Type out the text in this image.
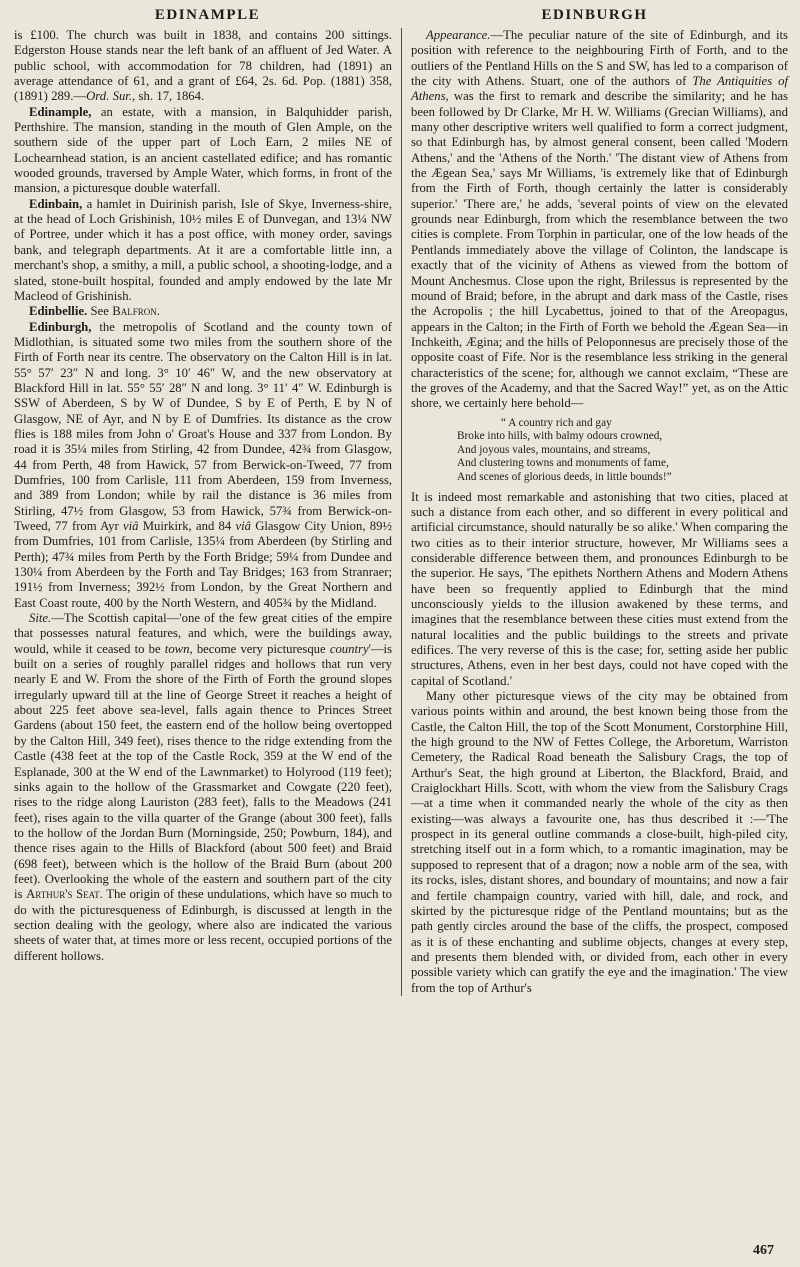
EDINAMPLE	EDINBURGH

is £100. The church was built in 1838, and contains 200 sittings. Edgerston House stands near the left bank of an affluent of Jed Water. A public school, with accommodation for 78 children, had (1891) an average attendance of 61, and a grant of £64, 2s. 6d. Pop. (1881) 358, (1891) 289.—Ord. Sur., sh. 17, 1864.

Edinample, an estate, with a mansion, in Balquhidder parish, Perthshire. The mansion, standing in the mouth of Glen Ample, on the southern side of the upper part of Loch Earn, 2 miles NE of Lochearnhead station, is an ancient castellated edifice; and has romantic wooded grounds, traversed by Ample Water, which forms, in front of the mansion, a picturesque double waterfall.

Edinbain, a hamlet in Duirinish parish, Isle of Skye, Inverness-shire, at the head of Loch Grishinish, 10½ miles E of Dunvegan, and 13¼ NW of Portree, under which it has a post office, with money order, savings bank, and telegraph departments. At it are a comfortable little inn, a merchant's shop, a smithy, a mill, a public school, a shooting-lodge, and a slated, stone-built hospital, founded and amply endowed by the late Mr Macleod of Grishinish.

Edinbellie. See Balfron.

Edinburgh, the metropolis of Scotland and the county town of Midlothian, is situated some two miles from the southern shore of the Firth of Forth near its centre. The observatory on the Calton Hill is in lat. 55° 57′ 23″ N and long. 3° 10′ 46″ W, and the new observatory at Blackford Hill in lat. 55° 55′ 28″ N and long. 3° 11′ 4″ W. Edinburgh is SSW of Aberdeen, S by W of Dundee, S by E of Perth, E by N of Glasgow, NE of Ayr, and N by E of Dumfries. Its distance as the crow flies is 188 miles from John o' Groat's House and 337 from London. By road it is 35¼ miles from Stirling, 42 from Dundee, 42¾ from Glasgow, 44 from Perth, 48 from Hawick, 57 from Berwick-on-Tweed, 77 from Dumfries, 100 from Carlisle, 111 from Aberdeen, 159 from Inverness, and 389 from London; while by rail the distance is 36 miles from Stirling, 47½ from Glasgow, 53 from Hawick, 57¾ from Berwick-on-Tweed, 77 from Ayr viâ Muirkirk, and 84 viâ Glasgow City Union, 89½ from Dumfries, 101 from Carlisle, 135¼ from Aberdeen (by Stirling and Perth); 47¾ miles from Perth by the Forth Bridge; 59¼ from Dundee and 130¼ from Aberdeen by the Forth and Tay Bridges; 163 from Stranraer; 191½ from Inverness; 392½ from London, by the Great Northern and East Coast route, 400 by the North Western, and 405¾ by the Midland.

Site.—The Scottish capital—'one of the few great cities of the empire that possesses natural features, and which, were the buildings away, would, while it ceased to be town, become very picturesque country'—is built on a series of roughly parallel ridges and hollows that run very nearly E and W. From the shore of the Firth of Forth the ground slopes irregularly upward till at the line of George Street it reaches a height of about 225 feet above sea-level, falls again thence to Princes Street Gardens (about 150 feet, the eastern end of the hollow being overtopped by the Calton Hill, 349 feet), rises thence to the ridge extending from the Castle (438 feet at the top of the Castle Rock, 359 at the W end of the Esplanade, 300 at the W end of the Lawnmarket) to Holyrood (119 feet); sinks again to the hollow of the Grassmarket and Cowgate (220 feet), rises to the ridge along Lauriston (283 feet), falls to the Meadows (241 feet), rises again to the villa quarter of the Grange (about 300 feet), falls to the hollow of the Jordan Burn (Morningside, 250; Powburn, 184), and thence rises again to the Hills of Blackford (about 500 feet) and Braid (698 feet), between which is the hollow of the Braid Burn (about 200 feet). Overlooking the whole of the eastern and southern part of the city is Arthur's Seat. The origin of these undulations, which have so much to do with the picturesqueness of Edinburgh, is discussed at length in the section dealing with the geology, where also are indicated the various sheets of water that, at times more or less recent, occupied portions of the different hollows.

Appearance.—The peculiar nature of the site of Edinburgh, and its position with reference to the neighbouring Firth of Forth, and to the outliers of the Pentland Hills on the S and SW, has led to a comparison of the city with Athens. Stuart, one of the authors of The Antiquities of Athens, was the first to remark and describe the similarity; and he has been followed by Dr Clarke, Mr H. W. Williams (Grecian Williams), and many other descriptive writers well qualified to form a correct judgment, so that Edinburgh has, by almost general consent, been called 'Modern Athens,' and the 'Athens of the North.' 'The distant view of Athens from the Ægean Sea,' says Mr Williams, 'is extremely like that of Edinburgh from the Firth of Forth, though certainly the latter is considerably superior.' 'There are,' he adds, 'several points of view on the elevated grounds near Edinburgh, from which the resemblance between the two cities is complete. From Torphin in particular, one of the low heads of the Pentlands immediately above the village of Colinton, the landscape is exactly that of the vicinity of Athens as viewed from the bottom of Mount Anchesmus. Close upon the right, Brilessus is represented by the mound of Braid; before, in the abrupt and dark mass of the Castle, rises the Acropolis ; the hill Lycabettus, joined to that of the Areopagus, appears in the Calton; in the Firth of Forth we behold the Ægean Sea—in Inchkeith, Ægina; and the hills of Peloponnesus are precisely those of the opposite coast of Fife. Nor is the resemblance less striking in the general characteristics of the scene; for, although we cannot exclaim, “These are the groves of the Academy, and that the Sacred Way!” yet, as on the Attic shore, we certainly here behold—

“ A country rich and gay
Broke into hills, with balmy odours crowned,
And joyous vales, mountains, and streams,
And clustering towns and monuments of fame,
And scenes of glorious deeds, in little bounds!”

It is indeed most remarkable and astonishing that two cities, placed at such a distance from each other, and so different in every political and artificial circumstance, should naturally be so alike.' When comparing the two cities as to their interior structure, however, Mr Williams sees a considerable difference between them, and pronounces Edinburgh to be the superior. He says, 'The epithets Northern Athens and Modern Athens have been so frequently applied to Edinburgh that the mind unconsciously yields to the illusion awakened by these terms, and imagines that the resemblance between these cities must extend from the natural localities and the public buildings to the streets and private edifices. The very reverse of this is the case; for, setting aside her public structures, Athens, even in her best days, could not have coped with the capital of Scotland.'

Many other picturesque views of the city may be obtained from various points within and around, the best known being those from the Castle, the Calton Hill, the top of the Scott Monument, Corstorphine Hill, the high ground to the NW of Fettes College, the Arboretum, Warriston Cemetery, the Radical Road beneath the Salisbury Crags, the top of Arthur's Seat, the high ground at Liberton, the Blackford, Braid, and Craiglockhart Hills. Scott, with whom the view from the Salisbury Crags—at a time when it commanded nearly the whole of the city as then existing—was always a favourite one, has thus described it :—'The prospect in its general outline commands a close-built, high-piled city, stretching itself out in a form which, to a romantic imagination, may be supposed to represent that of a dragon; now a noble arm of the sea, with its rocks, isles, distant shores, and boundary of mountains; and now a fair and fertile champaign country, varied with hill, dale, and rock, and skirted by the picturesque ridge of the Pentland mountains; but as the path gently circles around the base of the cliffs, the prospect, composed as it is of these enchanting and sublime objects, changes at every step, and presents them blended with, or divided from, each other in every possible variety which can gratify the eye and the imagination.' The view from the top of Arthur's

467
